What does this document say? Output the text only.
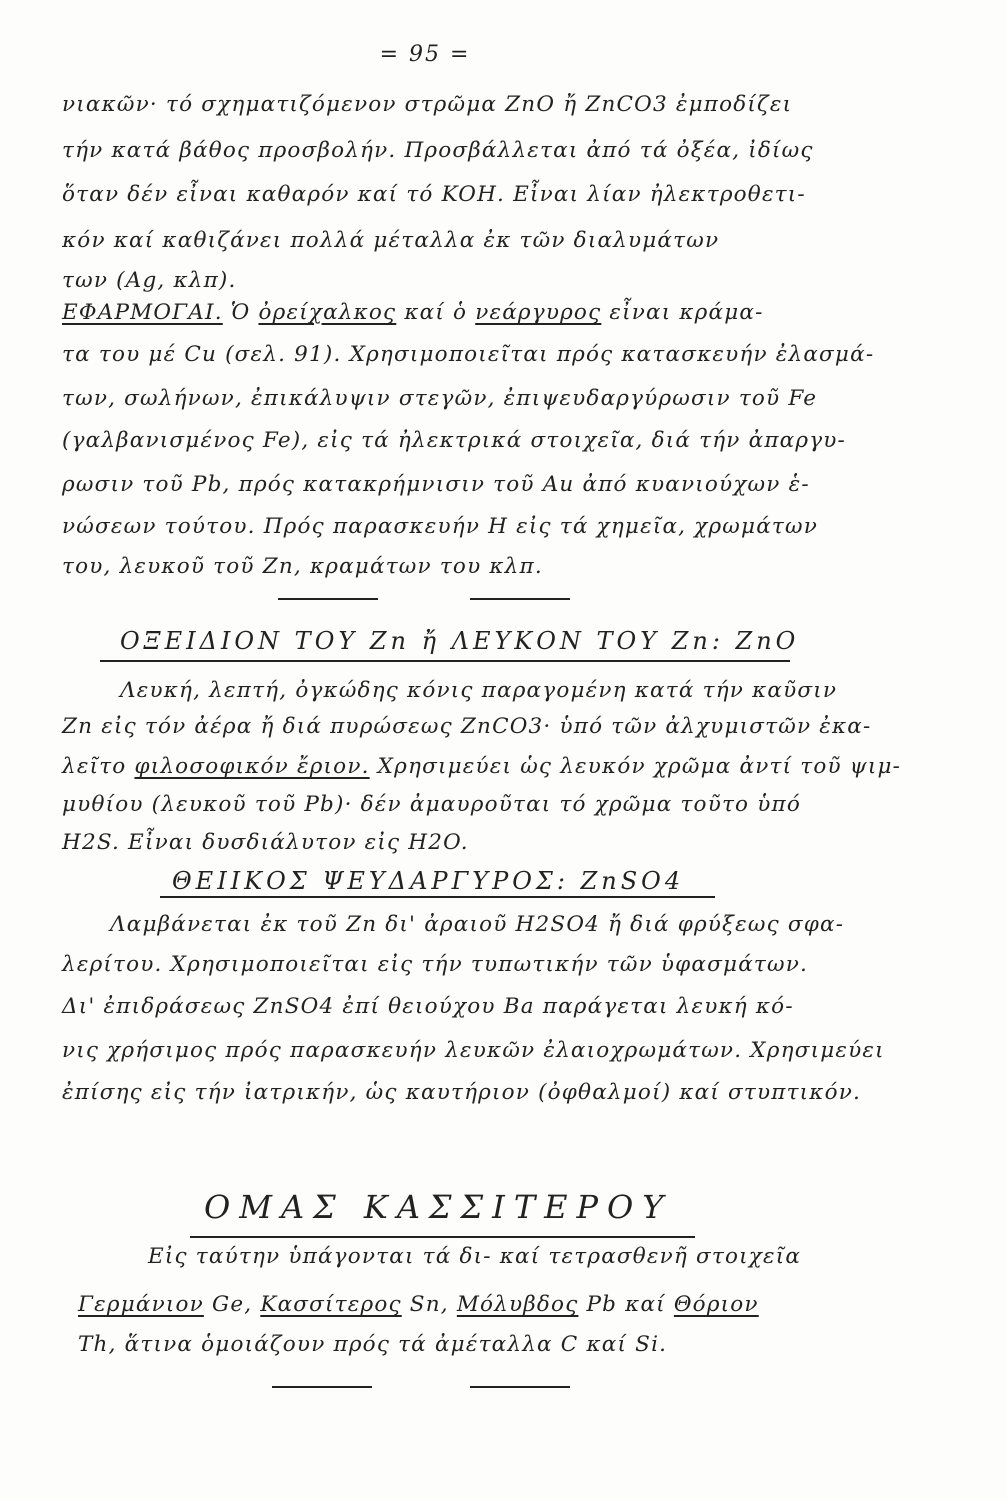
= 95 =
νιακῶν· τό σχηματιζόμενον στρῶμα ZnO ἤ ZnCO3 ἐμποδίζει
τήν κατά βάθος προσβολήν. Προσβάλλεται ἀπό τά ὀξέα, ἰδίως
ὅταν δέν εἶναι καθαρόν καί τό KOH. Εἶναι λίαν ἠλεκτροθετι-
κόν καί καθιζάνει πολλά μέταλλα ἐκ τῶν διαλυμάτων
των (Ag, κλπ).
ΕΦΑΡΜΟΓΑΙ. Ὁ ὀρείχαλκος καί ὁ νεάργυρος εἶναι κράμα-
τα του μέ Cu (σελ. 91). Χρησιμοποιεῖται πρός κατασκευήν ἐλασμά-
των, σωλήνων, ἐπικάλυψιν στεγῶν, ἐπιψευδαργύρωσιν τοῦ Fe
(γαλβανισμένος Fe), εἰς τά ἠλεκτρικά στοιχεῖα, διά τήν ἀπαργυ-
ρωσιν τοῦ Pb, πρός κατακρήμνισιν τοῦ Au ἀπό κυανιούχων ἑ-
νώσεων τούτου. Πρός παρασκευήν H εἰς τά χημεῖα, χρωμάτων
του, λευκοῦ τοῦ Zn, κραμάτων του κλπ.
ΟΞΕΙΔΙΟΝ ΤΟΥ Zn ἤ ΛΕΥΚΟΝ ΤΟΥ Zn: ZnO
Λευκή, λεπτή, ὀγκώδης κόνις παραγομένη κατά τήν καῦσιν
Zn εἰς τόν ἀέρα ἤ διά πυρώσεως ZnCO3· ὑπό τῶν ἀλχυμιστῶν ἐκα-
λεῖτο φιλοσοφικόν ἔριον. Χρησιμεύει ὡς λευκόν χρῶμα ἀντί τοῦ ψιμ-
μυθίου (λευκοῦ τοῦ Pb)· δέν ἀμαυροῦται τό χρῶμα τοῦτο ὑπό
H2S. Εἶναι δυσδιάλυτον εἰς H2O.
ΘΕΙΙΚΟΣ ΨΕΥΔΑΡΓΥΡΟΣ: ZnSO4
Λαμβάνεται ἐκ τοῦ Zn δι' ἀραιοῦ H2SO4 ἤ διά φρύξεως σφα-
λερίτου. Χρησιμοποιεῖται εἰς τήν τυπωτικήν τῶν ὑφασμάτων.
Δι' ἐπιδράσεως ZnSO4 ἐπί θειούχου Ba παράγεται λευκή κό-
νις χρήσιμος πρός παρασκευήν λευκῶν ἐλαιοχρωμάτων. Χρησιμεύει
ἐπίσης εἰς τήν ἰατρικήν, ὡς καυτήριον (ὀφθαλμοί) καί στυπτικόν.
ΟΜΑΣ ΚΑΣΣΙΤΕΡΟΥ
Εἰς ταύτην ὑπάγονται τά δι- καί τετρασθενῆ στοιχεῖα
Γερμάνιον Ge, Κασσίτερος Sn, Μόλυβδος Pb καί Θόριον
Th, ἅτινα ὁμοιάζουν πρός τά ἀμέταλλα C καί Si.
